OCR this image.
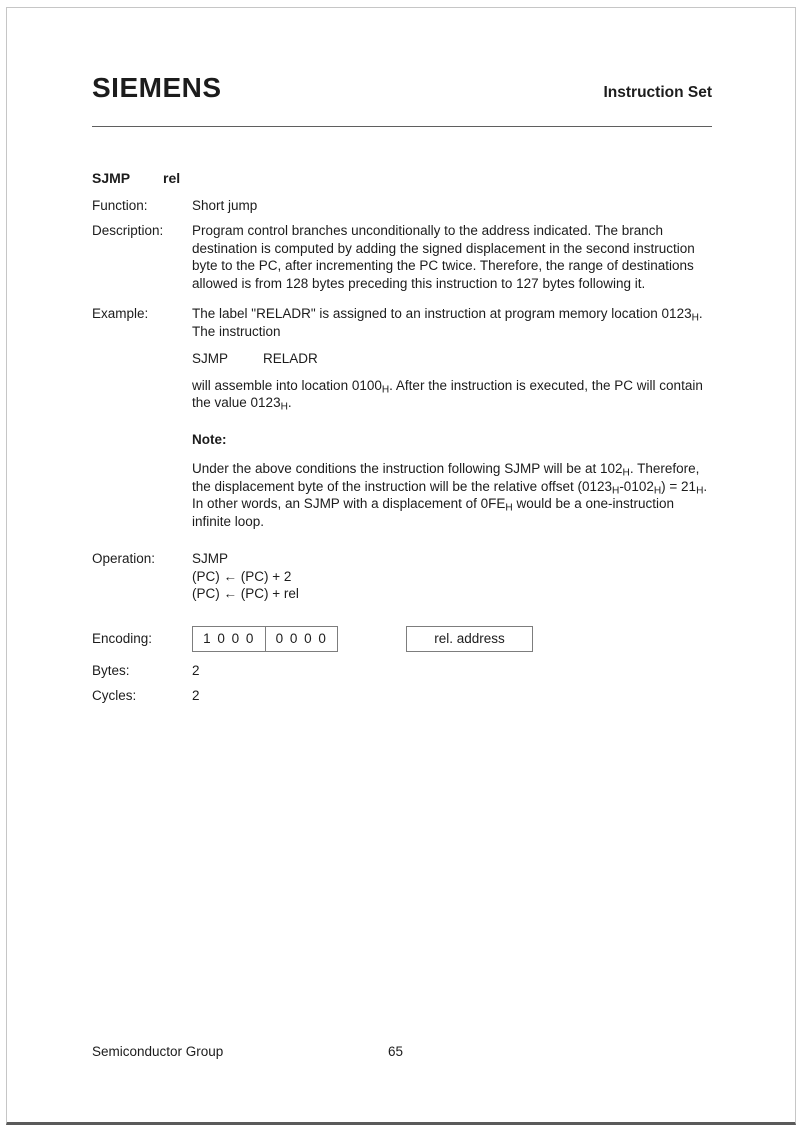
SIEMENS	Instruction Set
SJMP rel
Function:	Short jump
Description:	Program control branches unconditionally to the address indicated. The branch destination is computed by adding the signed displacement in the second instruction byte to the PC, after incrementing the PC twice. Therefore, the range of destinations allowed is from 128 bytes preceding this instruction to 127 bytes following it.
Example:	The label "RELADR" is assigned to an instruction at program memory location $0123_H$. The instruction
SJMP	RELADR
will assemble into location $0100_H$. After the instruction is executed, the PC will contain the value $0123_H$.
Note:
Under the above conditions the instruction following SJMP will be at $102_H$. Therefore, the displacement byte of the instruction will be the relative offset $(0123_H-0102_H) = 21_H$. In other words, an SJMP with a displacement of $0FE_H$ would be a one-instruction infinite loop.
Operation:	SJMP
(PC) ← (PC) + 2
(PC) ← (PC) + rel
Encoding:	1 0 0 0	0 0 0 0	rel. address
Bytes:	2
Cycles:	2
Semiconductor Group	65
